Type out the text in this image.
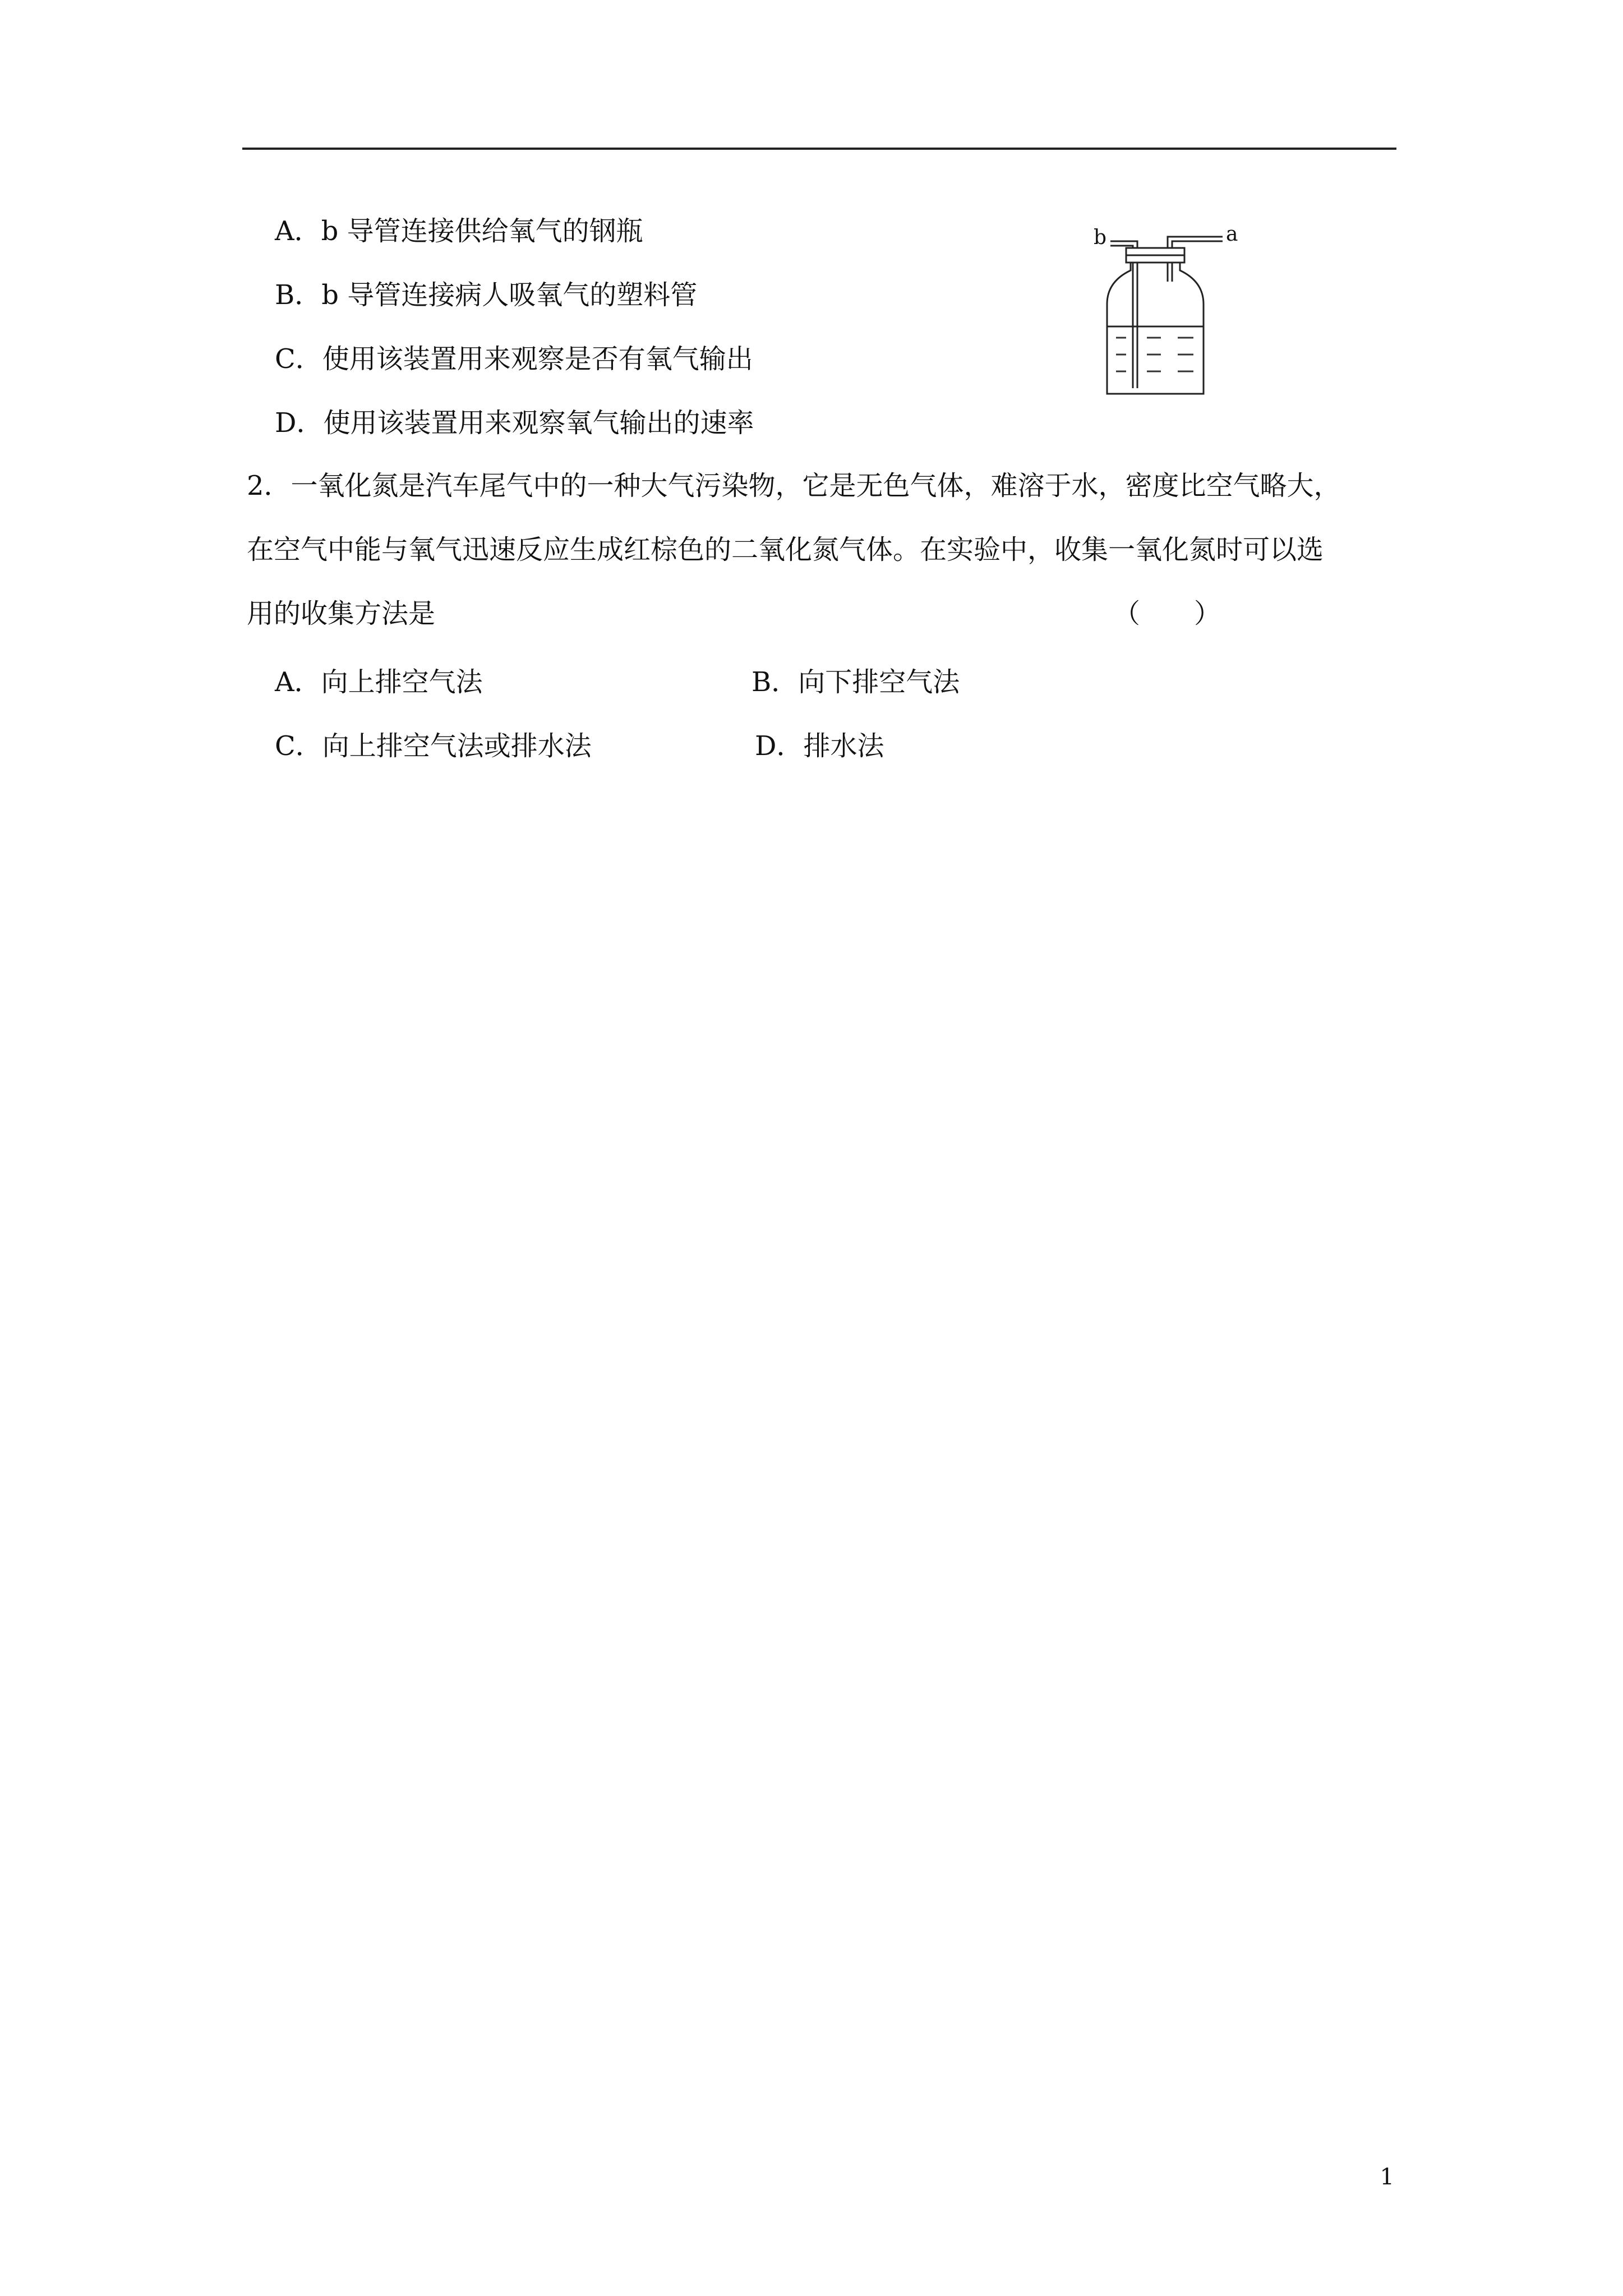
A．b 导管连接供给氧气的钢瓶
B．b 导管连接病人吸氧气的塑料管
C．使用该装置用来观察是否有氧气输出
D．使用该装置用来观察氧气输出的速率
b	a
2．一氧化氮是汽车尾气中的一种大气污染物，它是无色气体，难溶于水，密度比空气略大，
在空气中能与氧气迅速反应生成红棕色的二氧化氮气体。在实验中，收集一氧化氮时可以选
用的收集方法是	（　　）
A．向上排空气法	B．向下排空气法
C．向上排空气法或排水法	D．排水法
1
